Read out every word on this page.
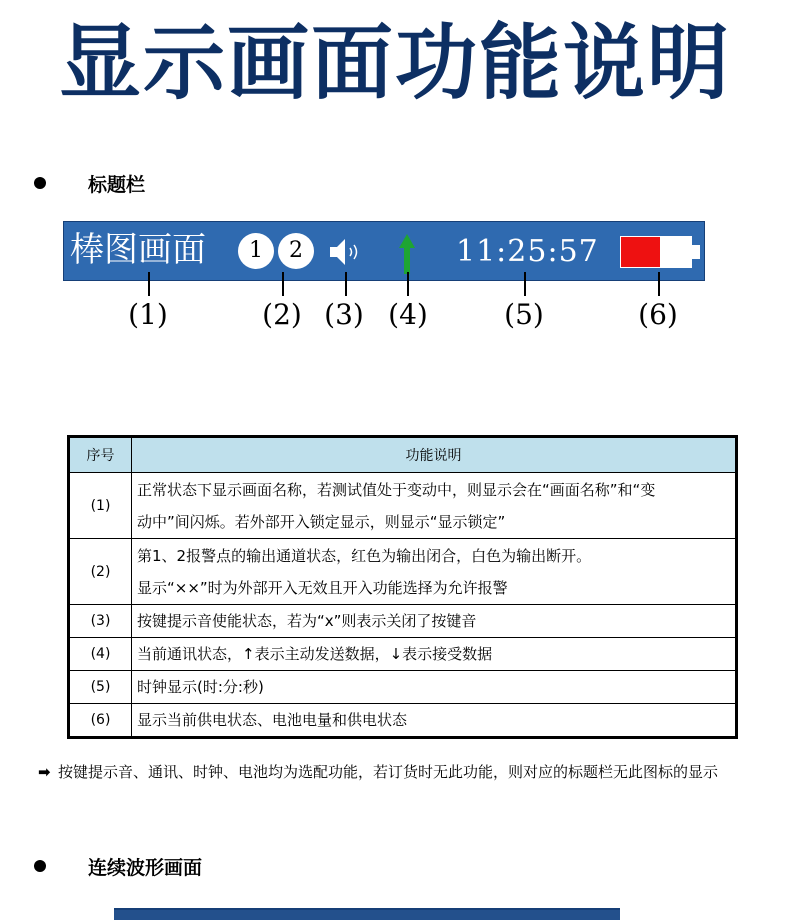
显示画面功能说明
标题栏
棒图画面	1	2	11:25:57
(1)	(2) (3) (4)	(5)	(6)
序号	功能说明
(1)	正常状态下显示画面名称，若测试值处于变动中，则显示会在“画面名称”和“变
动中”间闪烁。若外部开入锁定显示，则显示“显示锁定”
(2)	第1、2报警点的输出通道状态，红色为输出闭合，白色为输出断开。
显示“××”时为外部开入无效且开入功能选择为允许报警
(3)	按键提示音使能状态，若为“x”则表示关闭了按键音
(4)	当前通讯状态，↑表示主动发送数据，↓表示接受数据
(5)	时钟显示(时:分:秒)
(6)	显示当前供电状态、电池电量和供电状态
➡ 按键提示音、通讯、时钟、电池均为选配功能，若订货时无此功能，则对应的标题栏无此图标的显示
连续波形画面
